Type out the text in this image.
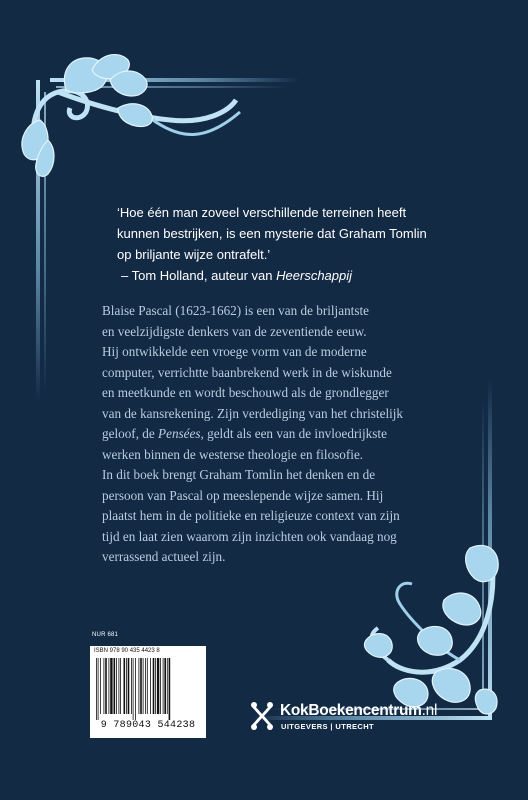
‘Hoe één man zoveel verschillende terreinen heeft

kunnen bestrijken, is een mysterie dat Graham Tomlin

op briljante wijze ontrafelt.’

– Tom Holland, auteur van Heerschappij

Blaise Pascal (1623-1662) is een van de briljantste

en veelzijdigste denkers van de zeventiende eeuw.

Hij ontwikkelde een vroege vorm van de moderne

computer, verrichtte baanbrekend werk in de wiskunde

en meetkunde en wordt beschouwd als de grondlegger

van de kansrekening. Zijn verdediging van het christelijk

geloof, de Pensées, geldt als een van de invloedrijkste

werken binnen de westerse theologie en filosofie.

In dit boek brengt Graham Tomlin het denken en de

persoon van Pascal op meeslepende wijze samen. Hij

plaatst hem in de politieke en religieuze context van zijn

tijd en laat zien waarom zijn inzichten ook vandaag nog

verrassend actueel zijn.

NUR 681
ISBN 978 90 435 4423 8
9 789043 544238
KokBoekencentrum.nl
UITGEVERS | UTRECHT
